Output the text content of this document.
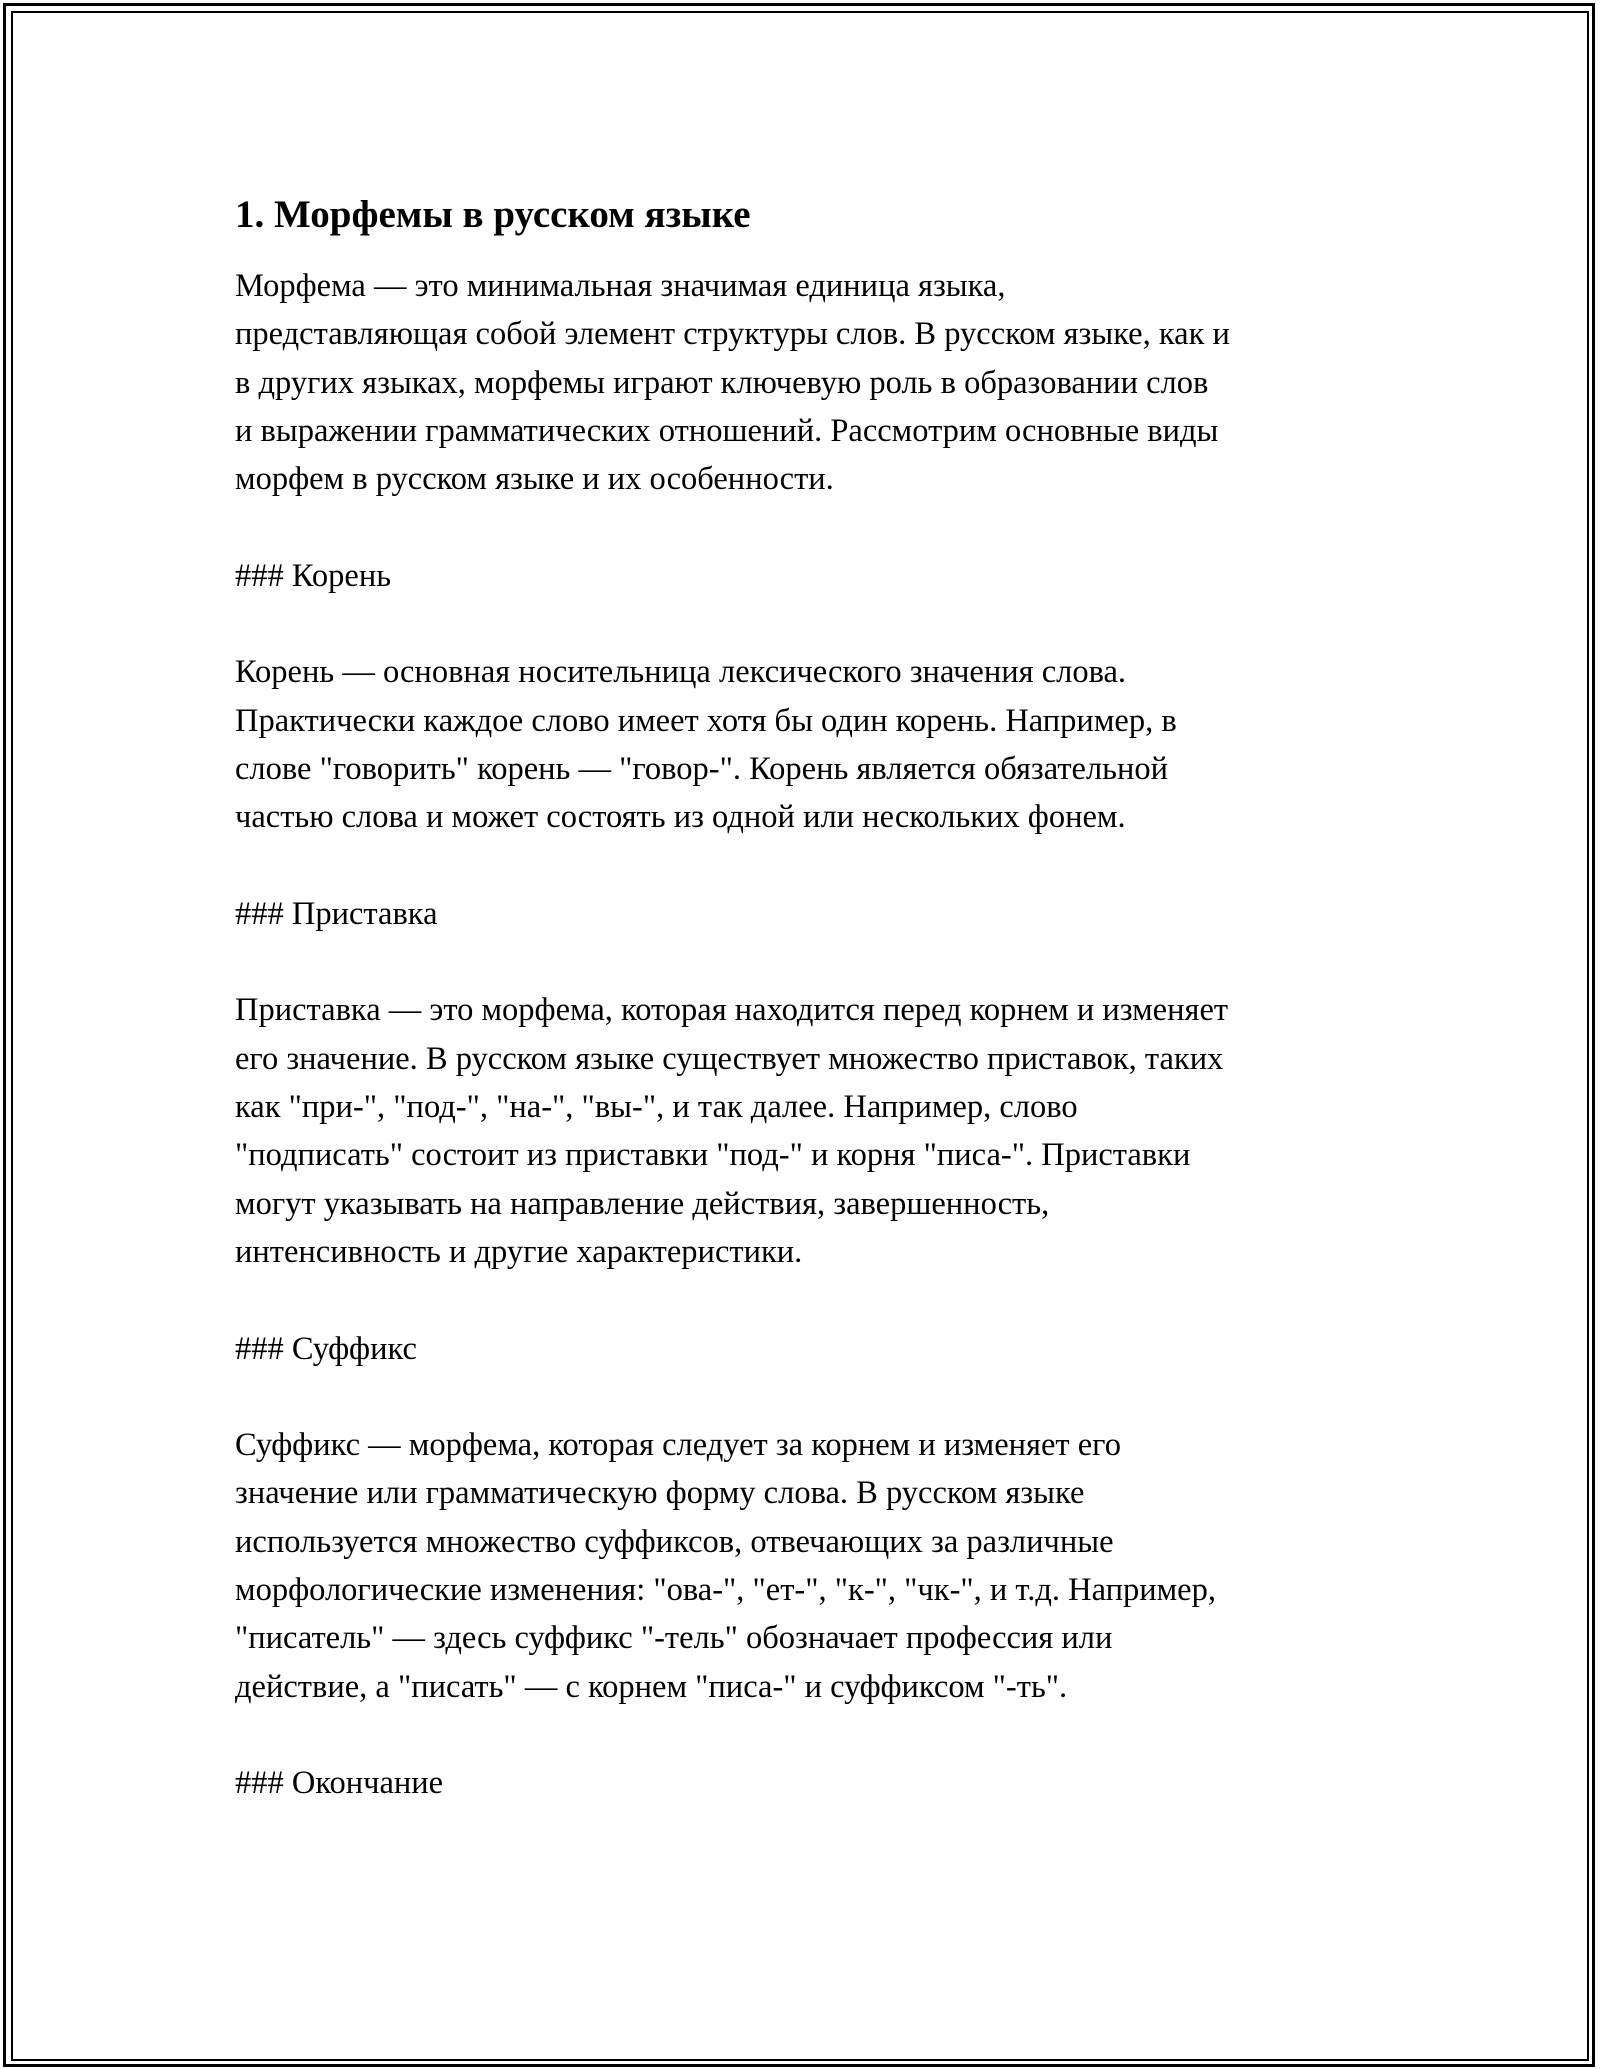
1. Морфемы в русском языке

Морфема — это минимальная значимая единица языка,
представляющая собой элемент структуры слов. В русском языке, как и
в других языках, морфемы играют ключевую роль в образовании слов
и выражении грамматических отношений. Рассмотрим основные виды
морфем в русском языке и их особенности.

### Корень

Корень — основная носительница лексического значения слова.
Практически каждое слово имеет хотя бы один корень. Например, в
слове "говорить" корень — "говор-". Корень является обязательной
частью слова и может состоять из одной или нескольких фонем.

### Приставка

Приставка — это морфема, которая находится перед корнем и изменяет
его значение. В русском языке существует множество приставок, таких
как "при-", "под-", "на-", "вы-", и так далее. Например, слово
"подписать" состоит из приставки "под-" и корня "писа-". Приставки
могут указывать на направление действия, завершенность,
интенсивность и другие характеристики.

### Суффикс

Суффикс — морфема, которая следует за корнем и изменяет его
значение или грамматическую форму слова. В русском языке
используется множество суффиксов, отвечающих за различные
морфологические изменения: "ова-", "ет-", "к-", "чк-", и т.д. Например,
"писатель" — здесь суффикс "-тель" обозначает профессия или
действие, а "писать" — с корнем "писа-" и суффиксом "-ть".

### Окончание
